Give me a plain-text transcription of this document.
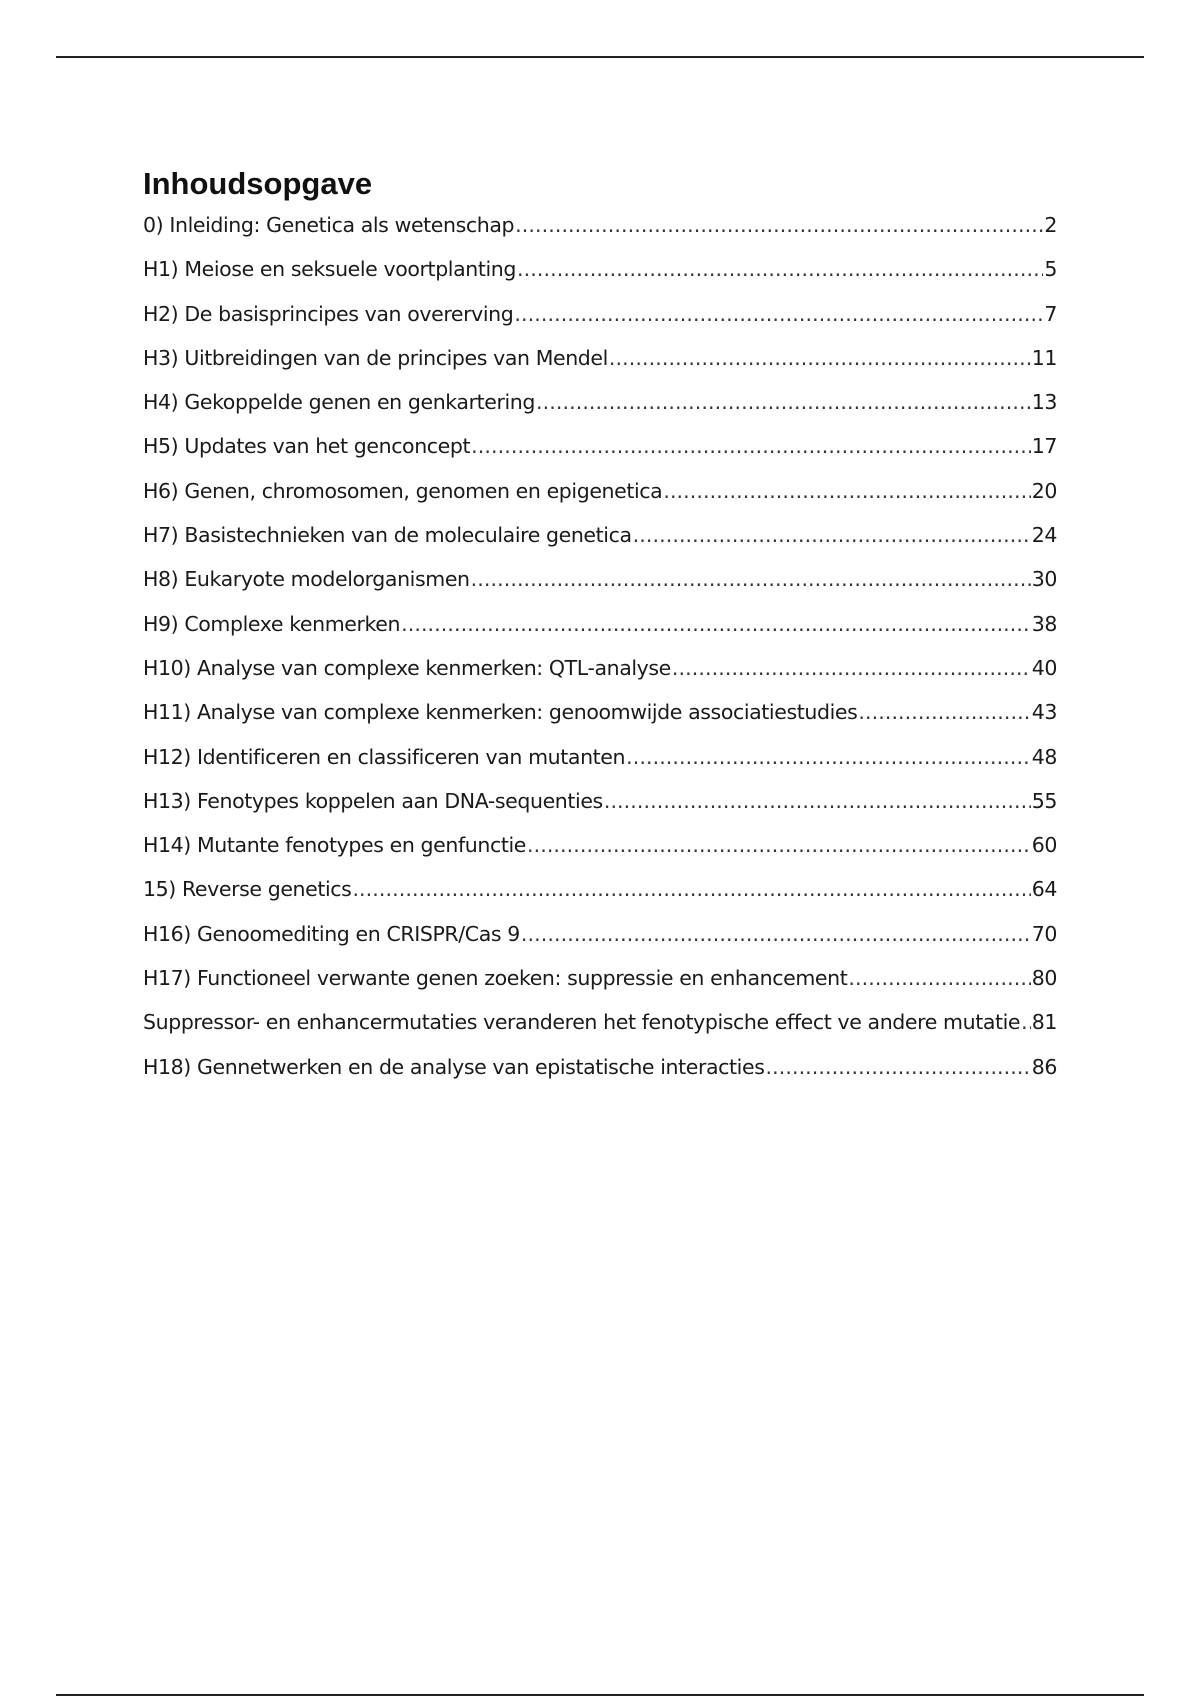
Inhoudsopgave
0) Inleiding: Genetica als wetenschap .....	2
H1) Meiose en seksuele voortplanting .....	5
H2) De basisprincipes van overerving .....	7
H3) Uitbreidingen van de principes van Mendel .....	11
H4) Gekoppelde genen en genkartering .....	13
H5) Updates van het genconcept .....	17
H6) Genen, chromosomen, genomen en epigenetica .....	20
H7) Basistechnieken van de moleculaire genetica .....	24
H8) Eukaryote modelorganismen .....	30
H9) Complexe kenmerken .....	38
H10) Analyse van complexe kenmerken: QTL-analyse .....	40
H11) Analyse van complexe kenmerken: genoomwijde associatiestudies .....	43
H12) Identificeren en classificeren van mutanten .....	48
H13) Fenotypes koppelen aan DNA-sequenties .....	55
H14) Mutante fenotypes en genfunctie .....	60
15) Reverse genetics .....	64
H16) Genoomediting en CRISPR/Cas 9 .....	70
H17) Functioneel verwante genen zoeken: suppressie en enhancement .....	80
Suppressor- en enhancermutaties veranderen het fenotypische effect ve andere mutatie ..... 81
H18) Gennetwerken en de analyse van epistatische interacties .....	86
